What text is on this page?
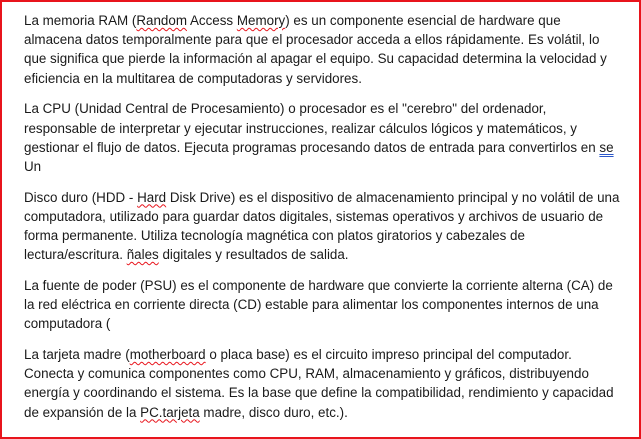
La memoria RAM (Random Access Memory) es un componente esencial de hardware que almacena datos temporalmente para que el procesador acceda a ellos rápidamente. Es volátil, lo que significa que pierde la información al apagar el equipo. Su capacidad determina la velocidad y eficiencia en la multitarea de computadoras y servidores.

La CPU (Unidad Central de Procesamiento) o procesador es el "cerebro" del ordenador, responsable de interpretar y ejecutar instrucciones, realizar cálculos lógicos y matemáticos, y gestionar el flujo de datos. Ejecuta programas procesando datos de entrada para convertirlos en se Un

Disco duro (HDD - Hard Disk Drive) es el dispositivo de almacenamiento principal y no volátil de una computadora, utilizado para guardar datos digitales, sistemas operativos y archivos de usuario de forma permanente. Utiliza tecnología magnética con platos giratorios y cabezales de lectura/escritura. ñales digitales y resultados de salida.

La fuente de poder (PSU) es el componente de hardware que convierte la corriente alterna (CA) de la red eléctrica en corriente directa (CD) estable para alimentar los componentes internos de una computadora (

La tarjeta madre (motherboard o placa base) es el circuito impreso principal del computador. Conecta y comunica componentes como CPU, RAM, almacenamiento y gráficos, distribuyendo energía y coordinando el sistema. Es la base que define la compatibilidad, rendimiento y capacidad de expansión de la PC.tarjeta madre, disco duro, etc.).
